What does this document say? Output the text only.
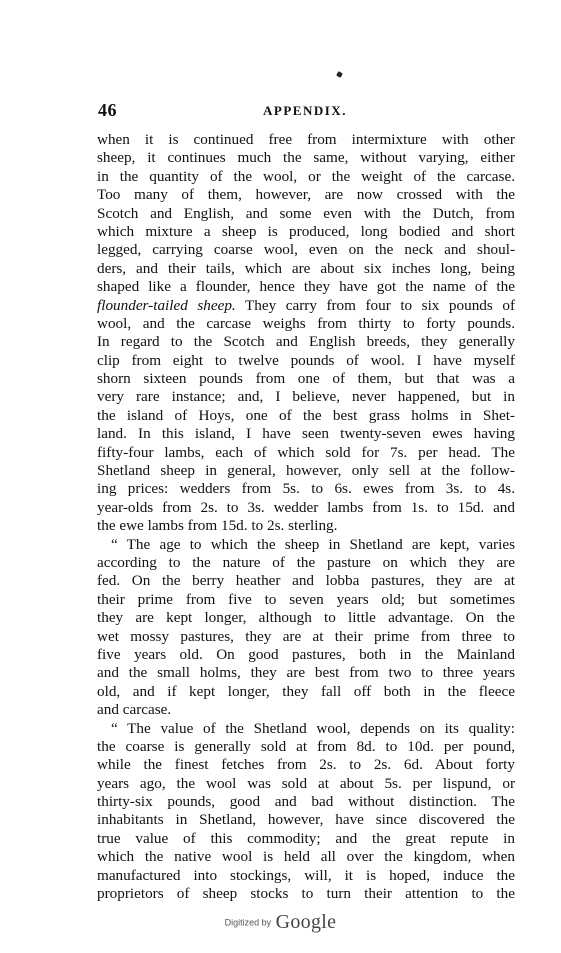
46	APPENDIX.
when it is continued free from intermixture with other
sheep, it continues much the same, without varying, either
in the quantity of the wool, or the weight of the carcase.
Too many of them, however, are now crossed with the
Scotch and English, and some even with the Dutch, from
which mixture a sheep is produced, long bodied and short
legged, carrying coarse wool, even on the neck and shoul-
ders, and their tails, which are about six inches long, being
shaped like a flounder, hence they have got the name of the
flounder-tailed sheep. They carry from four to six pounds of
wool, and the carcase weighs from thirty to forty pounds.
In regard to the Scotch and English breeds, they generally
clip from eight to twelve pounds of wool. I have myself
shorn sixteen pounds from one of them, but that was a
very rare instance; and, I believe, never happened, but in
the island of Hoys, one of the best grass holms in Shet-
land. In this island, I have seen twenty-seven ewes having
fifty-four lambs, each of which sold for 7s. per head. The
Shetland sheep in general, however, only sell at the follow-
ing prices: wedders from 5s. to 6s. ewes from 3s. to 4s.
year-olds from 2s. to 3s. wedder lambs from 1s. to 15d. and
the ewe lambs from 15d. to 2s. sterling.
“ The age to which the sheep in Shetland are kept, varies
according to the nature of the pasture on which they are
fed. On the berry heather and lobba pastures, they are at
their prime from five to seven years old; but sometimes
they are kept longer, although to little advantage. On the
wet mossy pastures, they are at their prime from three to
five years old. On good pastures, both in the Mainland
and the small holms, they are best from two to three years
old, and if kept longer, they fall off both in the fleece
and carcase.
“ The value of the Shetland wool, depends on its quality:
the coarse is generally sold at from 8d. to 10d. per pound,
while the finest fetches from 2s. to 2s. 6d. About forty
years ago, the wool was sold at about 5s. per lispund, or
thirty-six pounds, good and bad without distinction. The
inhabitants in Shetland, however, have since discovered the
true value of this commodity; and the great repute in
which the native wool is held all over the kingdom, when
manufactured into stockings, will, it is hoped, induce the
proprietors of sheep stocks to turn their attention to the
Digitized by Google
